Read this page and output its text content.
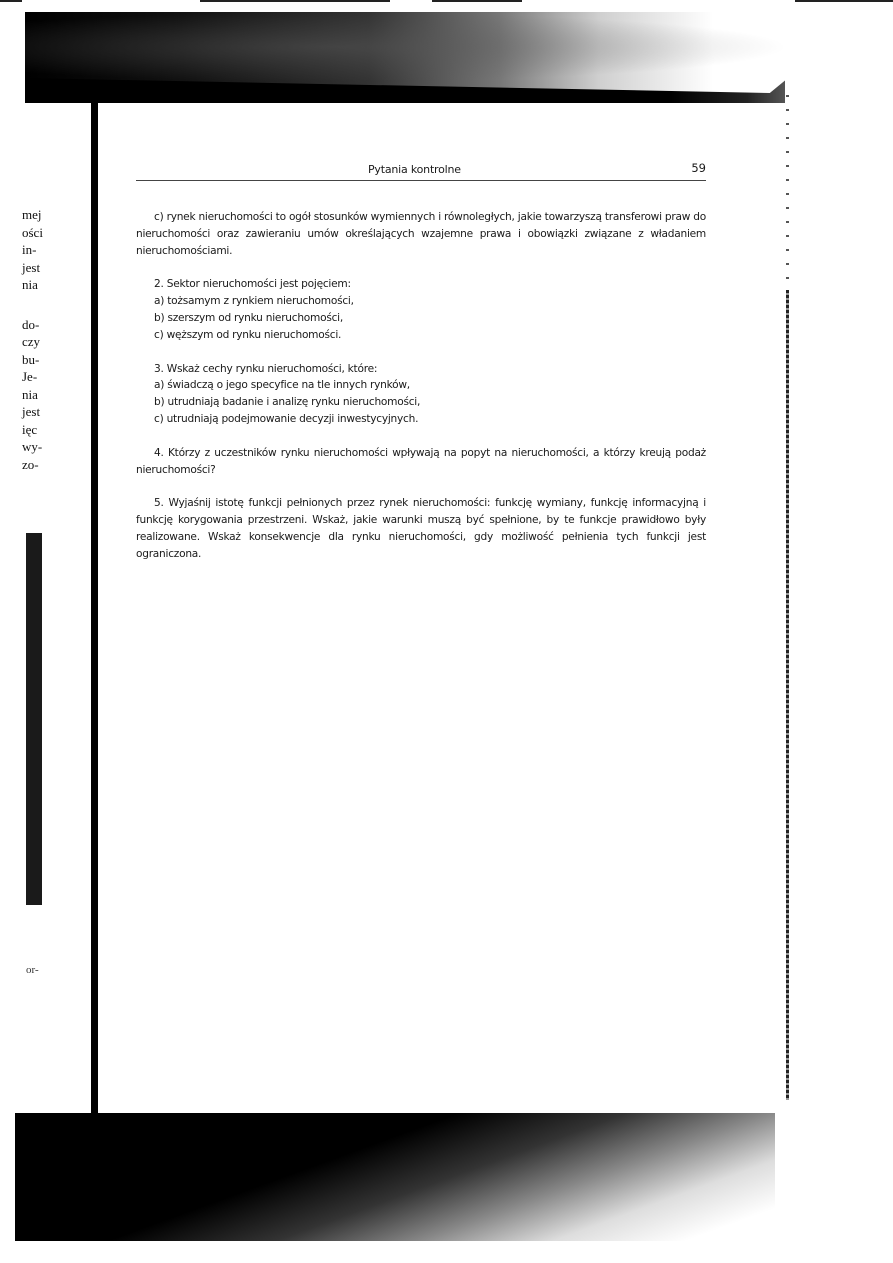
mej
ości
in-
jest
nia
do-
czy
bu-
Je-
nia
jest
ięc
wy-
zo-
or-
Pytania kontrolne	59

c) rynek nieruchomości to ogół stosunków wymiennych i równoległych, jakie towarzyszą transferowi praw do nieruchomości oraz zawieraniu umów określających wzajemne prawa i obowiązki związane z władaniem nieruchomościami.

2. Sektor nieruchomości jest pojęciem:
a) tożsamym z rynkiem nieruchomości,
b) szerszym od rynku nieruchomości,
c) węższym od rynku nieruchomości.
3. Wskaż cechy rynku nieruchomości, które:
a) świadczą o jego specyfice na tle innych rynków,
b) utrudniają badanie i analizę rynku nieruchomości,
c) utrudniają podejmowanie decyzji inwestycyjnych.

4. Którzy z uczestników rynku nieruchomości wpływają na popyt na nieruchomości, a którzy kreują podaż nieruchomości?

5. Wyjaśnij istotę funkcji pełnionych przez rynek nieruchomości: funkcję wymiany, funkcję informacyjną i funkcję korygowania przestrzeni. Wskaż, jakie warunki muszą być spełnione, by te funkcje prawidłowo były realizowane. Wskaż konsekwencje dla rynku nieruchomości, gdy możliwość pełnienia tych funkcji jest ograniczona.
